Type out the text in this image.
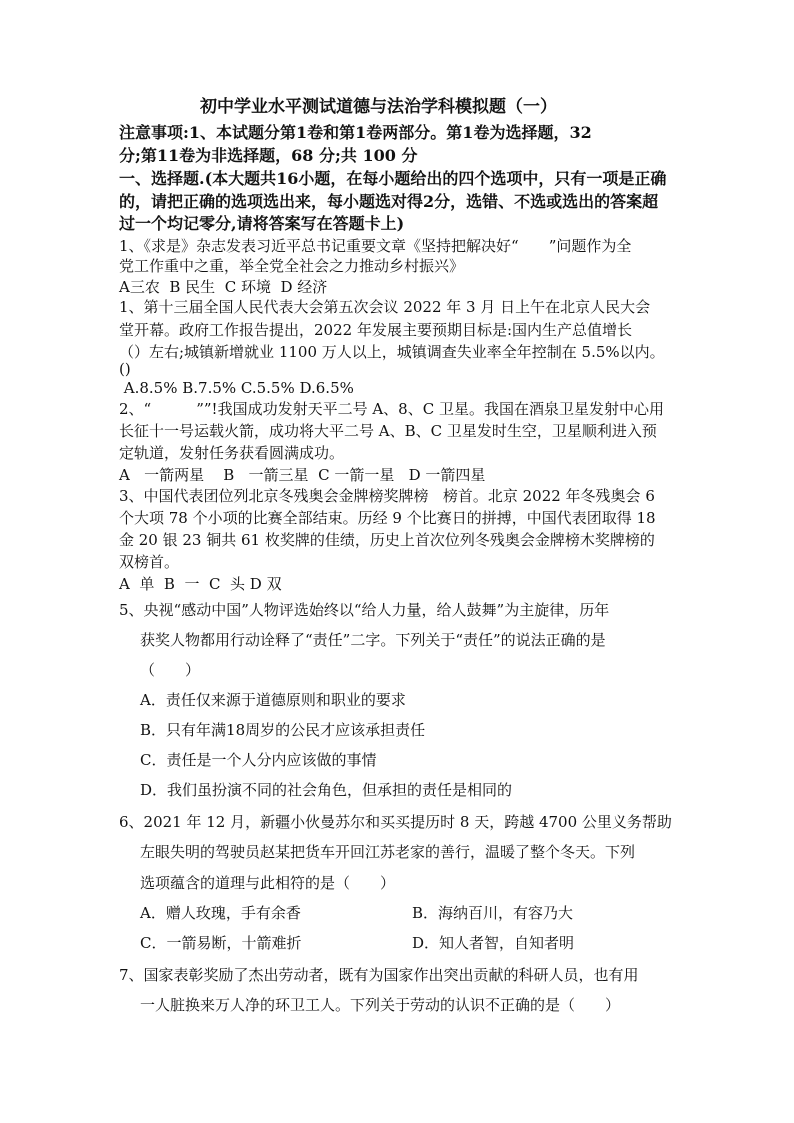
初中学业水平测试道德与法治学科模拟题（一）
注意事项:1、本试题分第1卷和第1卷两部分。第1卷为选择题，32
分;第11卷为非选择题，68 分;共 100 分
一、选择题.(本大题共16小题，在每小题给出的四个选项中，只有一项是正确
的，请把正确的选项选出来，每小题选对得2分，选错、不选或选出的答案超
过一个均记零分,请将答案写在答题卡上)
1、《求是》杂志发表习近平总书记重要文章《坚持把解决好“　　”问题作为全
党工作重中之重，举全党全社会之力推动乡村振兴》
A三农  B 民生  C 环境  D 经济
1、第十三届全国人民代表大会第五次会议 2022 年 3 月 日上午在北京人民大会
堂开幕。政府工作报告提出，2022 年发展主要预期目标是:国内生产总值增长
（）左右;城镇新增就业 1100 万人以上，城镇调查失业率全年控制在 5.5%以内。
()
A.8.5% B.7.5% C.5.5% D.6.5%
2、“　　　””!我国成功发射天平二号 A、8、C 卫星。我国在酒泉卫星发射中心用
长征十一号运载火箭，成功将大平二号 A、B、C 卫星发时生空，卫星顺利进入预
定轨道，发射任务获看圆满成功。
A   一箭两星    B   一箭三星  C 一箭一星   D 一箭四星
3、中国代表团位列北京冬残奥会金牌榜奖牌榜   榜首。北京 2022 年冬残奥会 6
个大项 78 个小项的比赛全部结束。历经 9 个比赛日的拼搏，中国代表团取得 18
金 20 银 23 铜共 61 枚奖牌的佳绩，历史上首次位列冬残奥会金牌榜木奖牌榜的
双榜首。
A  单  B  一  C  头 D 双
5、央视“感动中国”人物评选始终以“给人力量，给人鼓舞”为主旋律，历年
获奖人物都用行动诠释了“责任”二字。下列关于“责任”的说法正确的是
（　　）
A．责任仅来源于道德原则和职业的要求
B．只有年满18周岁的公民才应该承担责任
C．责任是一个人分内应该做的事情
D．我们虽扮演不同的社会角色，但承担的责任是相同的
6、2021 年 12 月，新疆小伙曼苏尔和买买提历时 8 天，跨越 4700 公里义务帮助
左眼失明的驾驶员赵某把货车开回江苏老家的善行，温暖了整个冬天。下列
选项蕴含的道理与此相符的是（　　）
A．赠人玫瑰，手有余香	B．海纳百川，有容乃大
C．一箭易断，十箭难折	D．知人者智，自知者明
7、国家表彰奖励了杰出劳动者，既有为国家作出突出贡献的科研人员，也有用
一人脏换来万人净的环卫工人。下列关于劳动的认识不正确的是（　　）
